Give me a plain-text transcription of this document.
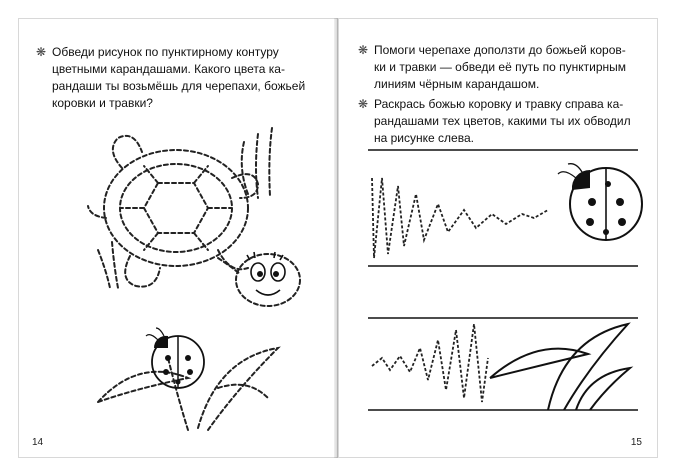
❋ Обведи рисунок по пунктирному контуру
цветными карандашами. Какого цвета ка-
рандаши ты возьмёшь для черепахи, божьей
коровки и травки?
14
❋ Помоги черепахе доползти до божьей коров-
ки и травки — обведи её путь по пунктирным
линиям чёрным карандашом.
❋ Раскрась божью коровку и травку справа ка-
рандашами тех цветов, какими ты их обводил
на рисунке слева.
15
